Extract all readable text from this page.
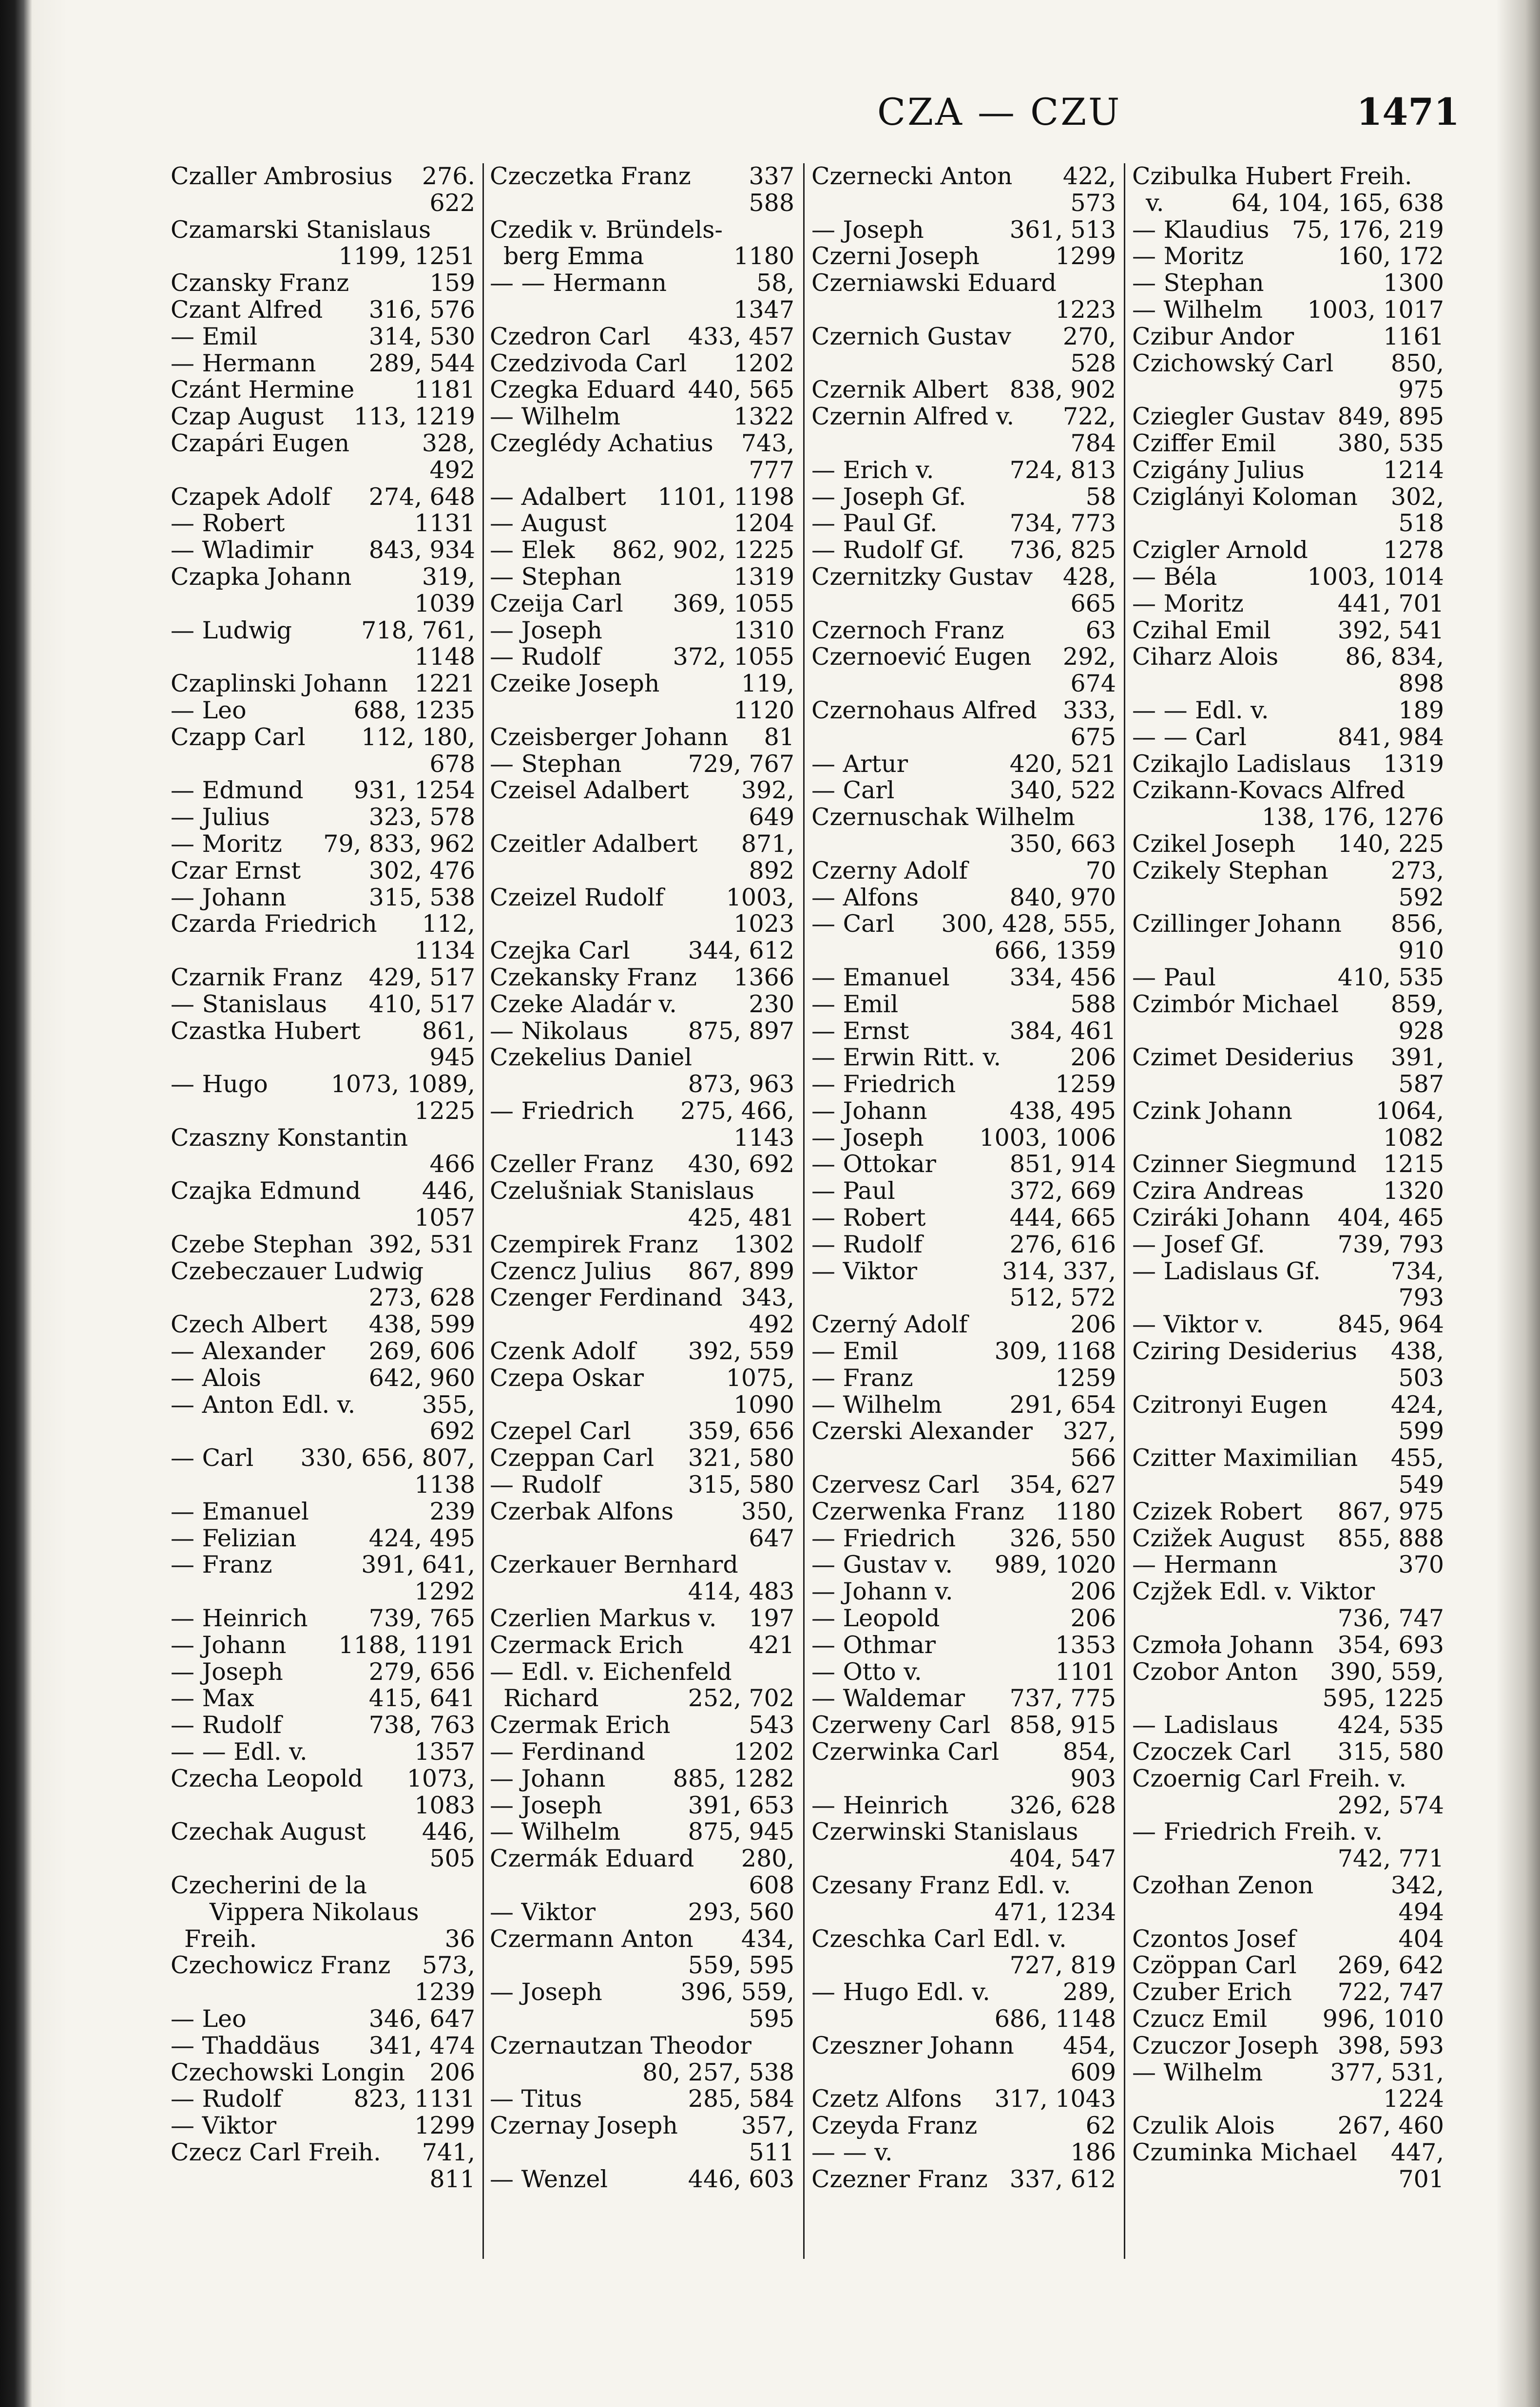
CZA — CZU	1471
Czaller Ambrosius 276.
622
Czamarski Stanislaus
1199, 1251
Czansky Franz	159
Czant Alfred 316, 576
— Emil	314, 530
— Hermann 289, 544
Czánt Hermine	1181
Czap August 113, 1219
Czapári Eugen	328,
492
Czapek Adolf 274, 648
— Robert	1131
— Wladimir 843, 934
Czapka Johann	319,
1039
— Ludwig	718, 761,
1148
Czaplinski Johann 1221
— Leo	688, 1235
Czapp Carl 112, 180,
678
— Edmund 931, 1254
— Julius	323, 578
— Moritz 79, 833, 962
Czar Ernst	302, 476
— Johann	315, 538
Czarda Friedrich 112,
1134
Czarnik Franz 429, 517
— Stanislaus 410, 517
Czastka Hubert	861,
945
— Hugo	1073, 1089,
1225
Czaszny Konstantin
466
Czajka Edmund	446,
1057
Czebe Stephan 392, 531
Czebeczauer Ludwig
273, 628
Czech Albert 438, 599
— Alexander 269, 606
— Alois	642, 960
— Anton Edl. v.	355,
692
— Carl 330, 656, 807,
1138
— Emanuel	239
— Felizian	424, 495
— Franz	391, 641,
1292
— Heinrich	739, 765
— Johann 1188, 1191
— Joseph	279, 656
— Max	415, 641
— Rudolf	738, 763
— — Edl. v.	1357
Czecha Leopold 1073,
1083
Czechak August 446,
505
Czecherini de la
Vippera Nikolaus
Freih.	36
Czechowicz Franz 573,
1239
— Leo	346, 647
— Thaddäus 341, 474
Czechowski Longin 206
— Rudolf	823, 1131
— Viktor	1299
Czecz Carl Freih. 741,
811
Czeczetka Franz 337
588
Czedik v. Bründels-
berg Emma	1180
— — Hermann	58,
1347
Czedron Carl 433, 457
Czedzivoda Carl 1202
Czegka Eduard 440, 565
— Wilhelm	1322
Czeglédy Achatius 743,
777
— Adalbert 1101, 1198
— August	1204
— Elek 862, 902, 1225
— Stephan	1319
Czeija Carl 369, 1055
— Joseph	1310
— Rudolf	372, 1055
Czeike Joseph	119,
1120
Czeisberger Johann 81
— Stephan	729, 767
Czeisel Adalbert 392,
649
Czeitler Adalbert 871,
892
Czeizel Rudolf	1003,
1023
Czejka Carl 344, 612
Czekansky Franz 1366
Czeke Aladár v.	230
— Nikolaus	875, 897
Czekelius Daniel
873, 963
— Friedrich 275, 466,
1143
Czeller Franz 430, 692
Czelušniak Stanislaus
425, 481
Czempirek Franz 1302
Czencz Julius 867, 899
Czenger Ferdinand 343,
492
Czenk Adolf 392, 559
Czepa Oskar	1075,
1090
Czepel Carl 359, 656
Czeppan Carl 321, 580
— Rudolf	315, 580
Czerbak Alfons	350,
647
Czerkauer Bernhard
414, 483
Czerlien Markus v. 197
Czermack Erich	421
— Edl. v. Eichenfeld
Richard	252, 702
Czermak Erich	543
— Ferdinand	1202
— Johann	885, 1282
— Joseph	391, 653
— Wilhelm	875, 945
Czermák Eduard 280,
608
— Viktor	293, 560
Czermann Anton 434,
559, 595
— Joseph	396, 559,
595
Czernautzan Theodor
80, 257, 538
— Titus	285, 584
Czernay Joseph	357,
511
— Wenzel	446, 603
Czernecki Anton 422,
573
— Joseph	361, 513
Czerni Joseph	1299
Czerniawski Eduard
1223
Czernich Gustav 270,
528
Czernik Albert 838, 902
Czernin Alfred v. 722,
784
— Erich v.	724, 813
— Joseph Gf.	58
— Paul Gf.	734, 773
— Rudolf Gf. 736, 825
Czernitzky Gustav 428,
665
Czernoch Franz	63
Czernoević Eugen 292,
674
Czernohaus Alfred 333,
675
— Artur	420, 521
— Carl	340, 522
Czernuschak Wilhelm
350, 663
Czerny Adolf	70
— Alfons	840, 970
— Carl 300, 428, 555,
666, 1359
— Emanuel	334, 456
— Emil	588
— Ernst	384, 461
— Erwin Ritt. v.	206
— Friedrich	1259
— Johann	438, 495
— Joseph 1003, 1006
— Ottokar	851, 914
— Paul	372, 669
— Robert	444, 665
— Rudolf	276, 616
— Viktor	314, 337,
512, 572
Czerný Adolf	206
— Emil	309, 1168
— Franz	1259
— Wilhelm	291, 654
Czerski Alexander 327,
566
Czervesz Carl 354, 627
Czerwenka Franz 1180
— Friedrich 326, 550
— Gustav v. 989, 1020
— Johann v.	206
— Leopold	206
— Othmar	1353
— Otto v.	1101
— Waldemar 737, 775
Czerweny Carl 858, 915
Czerwinka Carl	854,
903
— Heinrich	326, 628
Czerwinski Stanislaus
404, 547
Czesany Franz Edl. v.
471, 1234
Czeschka Carl Edl. v.
727, 819
— Hugo Edl. v.	289,
686, 1148
Czeszner Johann 454,
609
Czetz Alfons 317, 1043
Czeyda Franz	62
— — v.	186
Czezner Franz 337, 612
Czibulka Hubert Freih.
v.	64, 104, 165, 638
— Klaudius 75, 176, 219
— Moritz	160, 172
— Stephan	1300
— Wilhelm 1003, 1017
Czibur Andor	1161
Czichowský Carl 850,
975
Cziegler Gustav 849, 895
Cziffer Emil	380, 535
Czigány Julius	1214
Cziglányi Koloman 302,
518
Czigler Arnold	1278
— Béla	1003, 1014
— Moritz	441, 701
Czihal Emil	392, 541
Ciharz Alois	86, 834,
898
— — Edl. v.	189
— — Carl	841, 984
Czikajlo Ladislaus 1319
Czikann-Kovacs Alfred
138, 176, 1276
Czikel Joseph 140, 225
Czikely Stephan	273,
592
Czillinger Johann 856,
910
— Paul	410, 535
Czimbór Michael 859,
928
Czimet Desiderius 391,
587
Czink Johann	1064,
1082
Czinner Siegmund 1215
Czira Andreas	1320
Cziráki Johann 404, 465
— Josef Gf.	739, 793
— Ladislaus Gf.	734,
793
— Viktor v.	845, 964
Cziring Desiderius 438,
503
Czitronyi Eugen	424,
599
Czitter Maximilian 455,
549
Czizek Robert 867, 975
Czižek August 855, 888
— Hermann	370
Czjžek Edl. v. Viktor
736, 747
Czmoła Johann 354, 693
Czobor Anton 390, 559,
595, 1225
— Ladislaus 424, 535
Czoczek Carl 315, 580
Czoernig Carl Freih. v.
292, 574
— Friedrich Freih. v.
742, 771
Czołhan Zenon	342,
494
Czontos Josef	404
Czöppan Carl 269, 642
Czuber Erich 722, 747
Czucz Emil 996, 1010
Czuczor Joseph 398, 593
— Wilhelm	377, 531,
1224
Czulik Alois	267, 460
Czuminka Michael 447,
701
